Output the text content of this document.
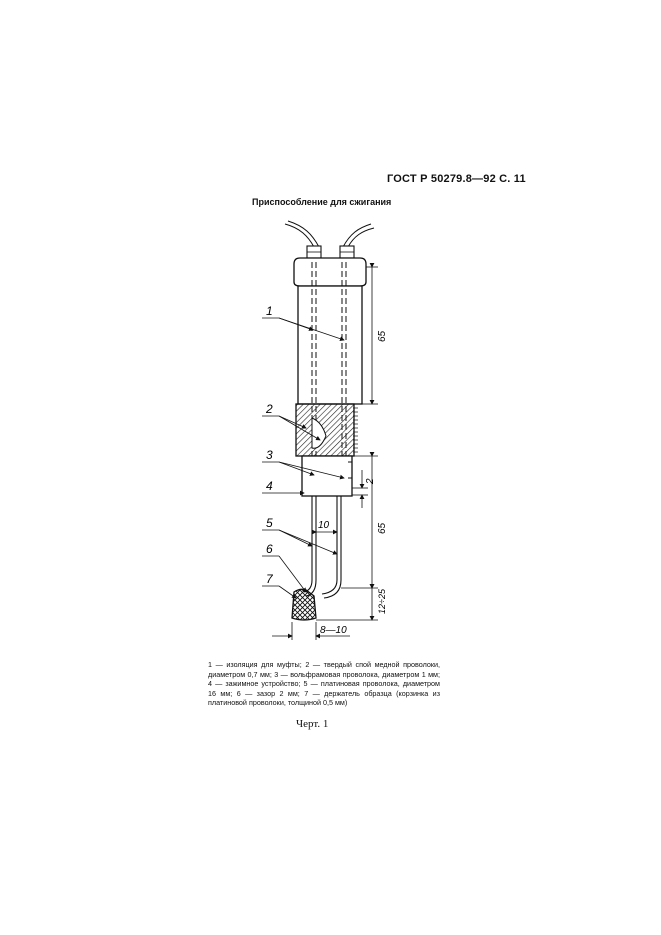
ГОСТ Р 50279.8—92 С. 11
Приспособление для сжигания
65
2
65
12÷25
10
8—10
1
2
3
4
5
6
7
1 — изоляция для муфты; 2 — твердый спой медной проволоки, диаметром 0,7 мм; 3 — вольфрамовая проволока, диаметром 1 мм; 4 — зажимное устройство; 5 — платиновая проволока, диаметром 16 мм; 6 — зазор 2 мм; 7 — держатель образца (корзинка из платиновой проволоки, толщиной 0,5 мм)
Черт. 1
